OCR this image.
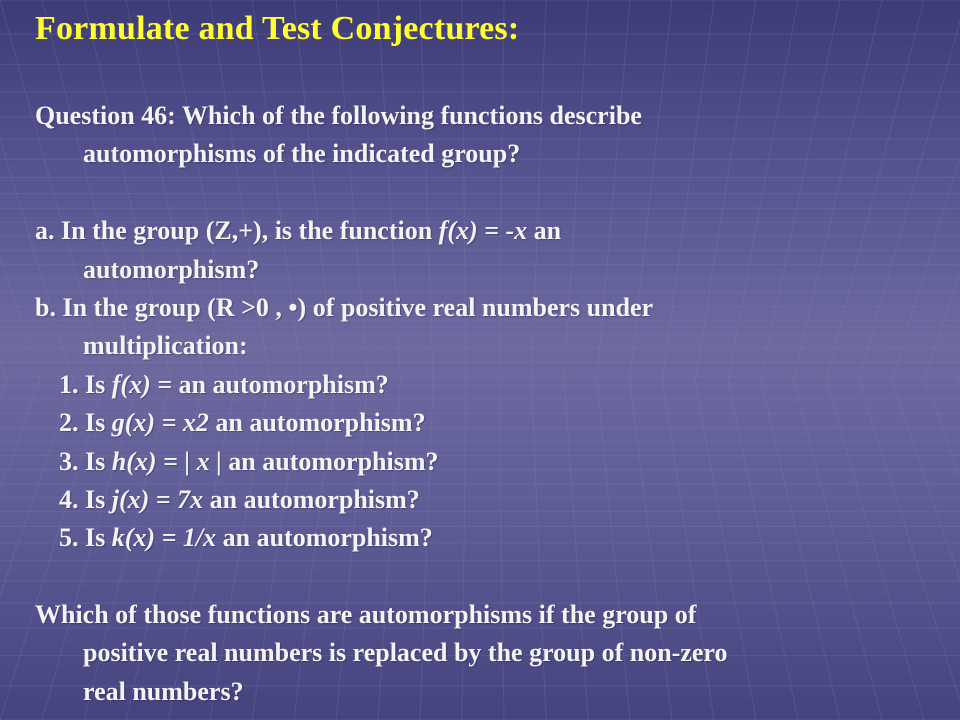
Formulate and Test Conjectures:
Question 46: Which of the following functions describe
automorphisms of the indicated group?
a. In the group (Z,+), is the function f(x) = -x an
automorphism?
b. In the group (R >0 , •) of positive real numbers under
multiplication:
1. Is f(x) = an automorphism?
2. Is g(x) = x2 an automorphism?
3. Is h(x) = | x | an automorphism?
4. Is j(x) = 7x an automorphism?
5. Is k(x) = 1/x an automorphism?
Which of those functions are automorphisms if the group of
positive real numbers is replaced by the group of non-zero
real numbers?
